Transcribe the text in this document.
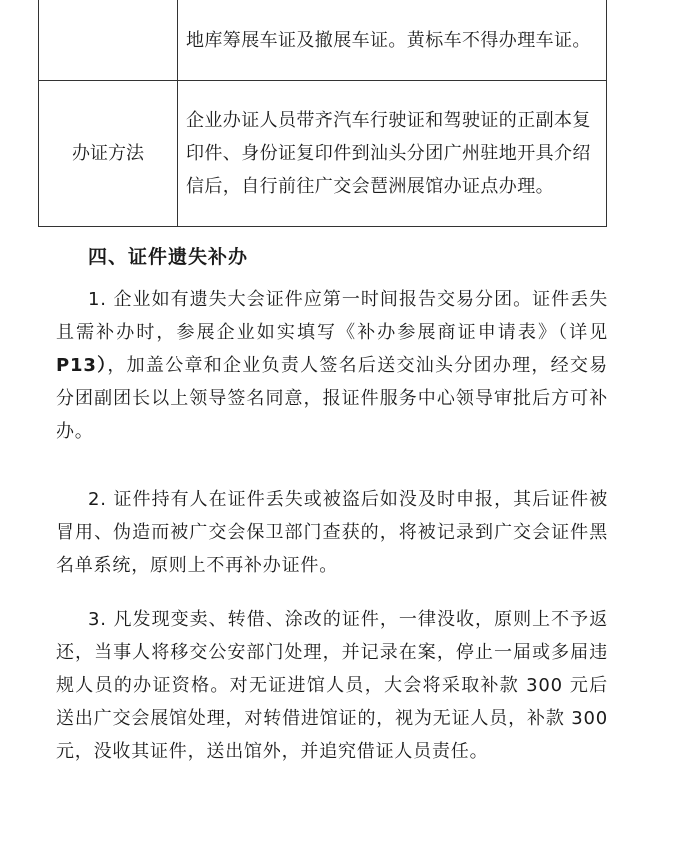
	地库筹展车证及撤展车证。黄标车不得办理车证。
办证方法	企业办证人员带齐汽车行驶证和驾驶证的正副本复印件、身份证复印件到汕头分团广州驻地开具介绍信后，自行前往广交会琶洲展馆办证点办理。
四、证件遗失补办

1. 企业如有遗失大会证件应第一时间报告交易分团。证件丢失且需补办时，参展企业如实填写《补办参展商证申请表》（详见 P13），加盖公章和企业负责人签名后送交汕头分团办理，经交易分团副团长以上领导签名同意，报证件服务中心领导审批后方可补办。

2. 证件持有人在证件丢失或被盗后如没及时申报，其后证件被冒用、伪造而被广交会保卫部门查获的，将被记录到广交会证件黑名单系统，原则上不再补办证件。

3. 凡发现变卖、转借、涂改的证件，一律没收，原则上不予返还，当事人将移交公安部门处理，并记录在案，停止一届或多届违规人员的办证资格。对无证进馆人员，大会将采取补款 300 元后送出广交会展馆处理，对转借进馆证的，视为无证人员，补款 300 元，没收其证件，送出馆外，并追究借证人员责任。
